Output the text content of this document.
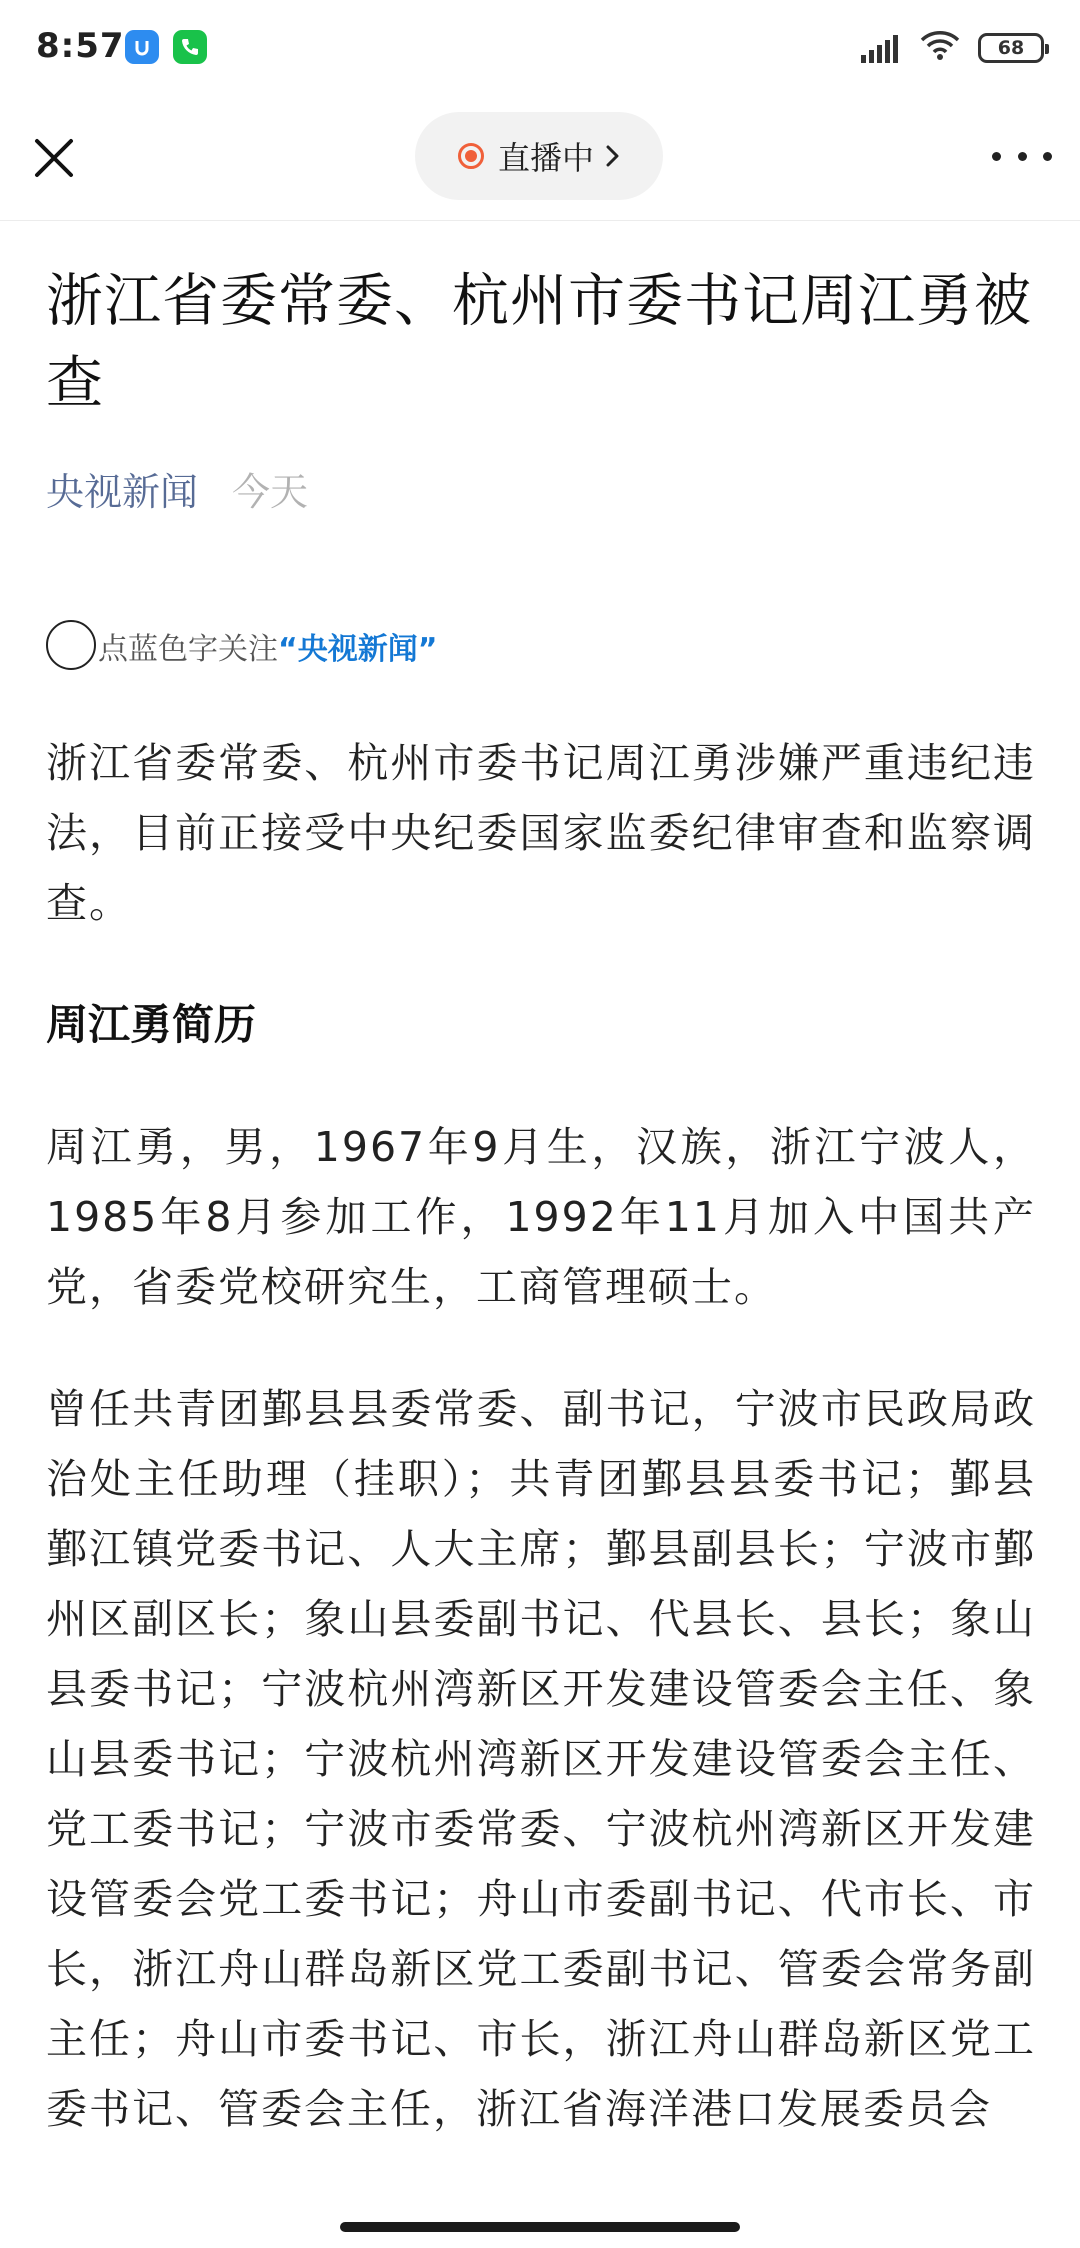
8:57	68
直播中
浙江省委常委、杭州市委书记周江勇被查
央视新闻 今天
点蓝色字关注 “央视新闻”

浙江省委常委、杭州市委书记周江勇涉嫌严重违纪违法，目前正接受中央纪委国家监委纪律审查和监察调查。

周江勇简历

周江勇，男，1967年9月生，汉族，浙江宁波人，1985年8月参加工作，1992年11月加入中国共产党，省委党校研究生，工商管理硕士。

曾任共青团鄞县县委常委、副书记，宁波市民政局政治处主任助理（挂职）；共青团鄞县县委书记；鄞县鄞江镇党委书记、人大主席；鄞县副县长；宁波市鄞州区副区长；象山县委副书记、代县长、县长；象山县委书记；宁波杭州湾新区开发建设管委会主任、象山县委书记；宁波杭州湾新区开发建设管委会主任、党工委书记；宁波市委常委、宁波杭州湾新区开发建设管委会党工委书记；舟山市委副书记、代市长、市长，浙江舟山群岛新区党工委副书记、管委会常务副主任；舟山市委书记、市长，浙江舟山群岛新区党工委书记、管委会主任，浙江省海洋港口发展委员会
